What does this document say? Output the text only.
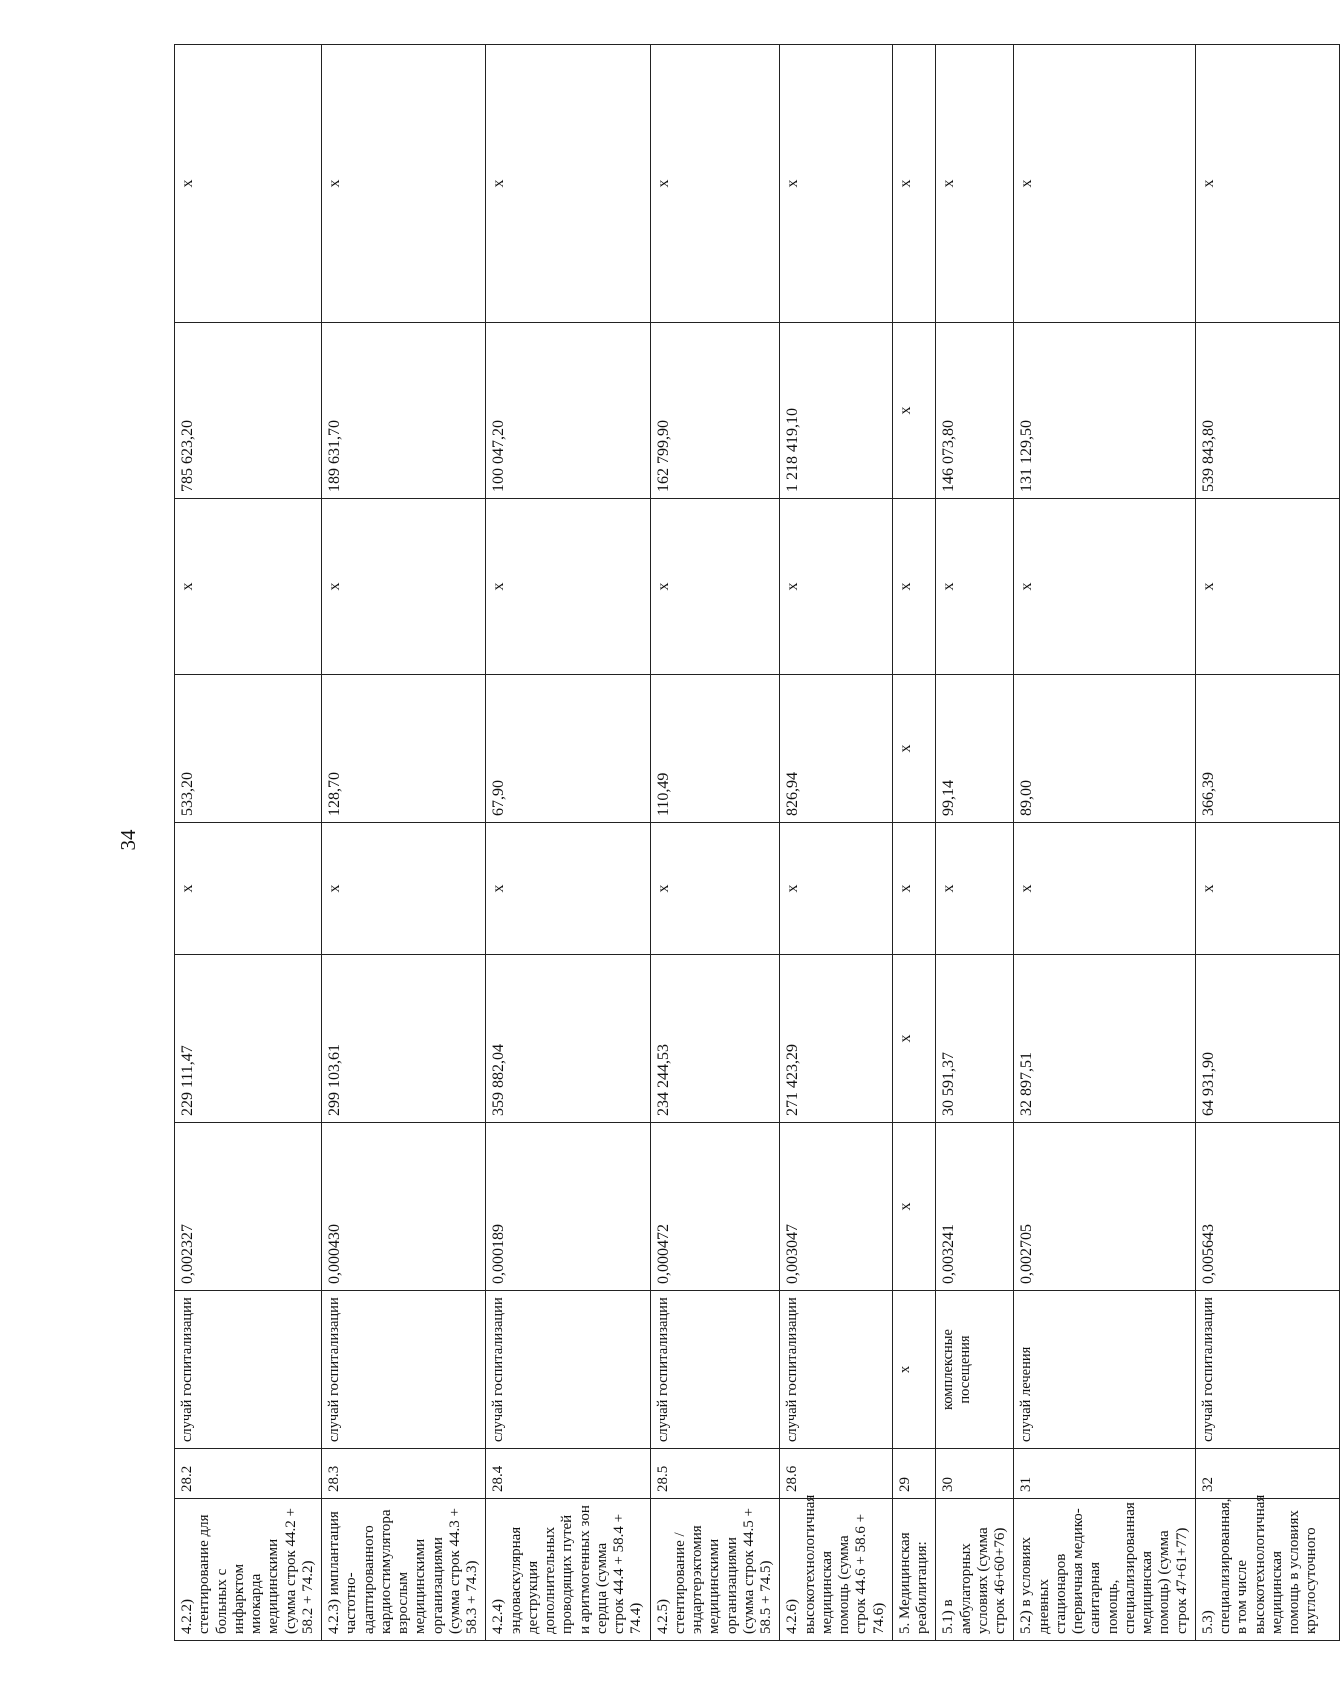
34
4.2.2) стентирование для больных с инфарктом миокарда медицинскими (сумма строк 44.2 + 58.2 + 74.2)	28.2	случай госпитализации	0,002327	229 111,47	х	533,20	х	785 623,20	х
4.2.3) имплантация частотно-адаптированного кардиостимулятора взрослым медицинскими организациями (сумма строк 44.3 + 58.3 + 74.3)	28.3	случай госпитализации	0,000430	299 103,61	х	128,70	х	189 631,70	х
4.2.4) эндоваскулярная деструкция дополнительных проводящих путей и аритмогенных зон сердца (сумма строк 44.4 + 58.4 + 74.4)	28.4	случай госпитализации	0,000189	359 882,04	х	67,90	х	100 047,20	х
4.2.5) стентирование / эндартерэктомия медицинскими организациями (сумма строк 44.5 + 58.5 + 74.5)	28.5	случай госпитализации	0,000472	234 244,53	х	110,49	х	162 799,90	х
4.2.6) высокотехнологичная медицинская помощь (сумма строк 44.6 + 58.6 + 74.6)	28.6	случай госпитализации	0,003047	271 423,29	х	826,94	х	1 218 419,10	х
5. Медицинская реабилитация:	29	х	х	х	х	х	х	х	х
5.1) в амбулаторных условиях (сумма строк 46+60+76)	30	комплексные посещения	0,003241	30 591,37	х	99,14	х	146 073,80	х
5.2) в условиях дневных стационаров (первичная медико-санитарная помощь, специализированная медицинская помощь) (сумма строк 47+61+77)	31	случай лечения	0,002705	32 897,51	х	89,00	х	131 129,50	х
5.3) специализированная, в том числе высокотехнологичная медицинская помощь в условиях круглосуточного	32	случай госпитализации	0,005643	64 931,90	х	366,39	х	539 843,80	х
